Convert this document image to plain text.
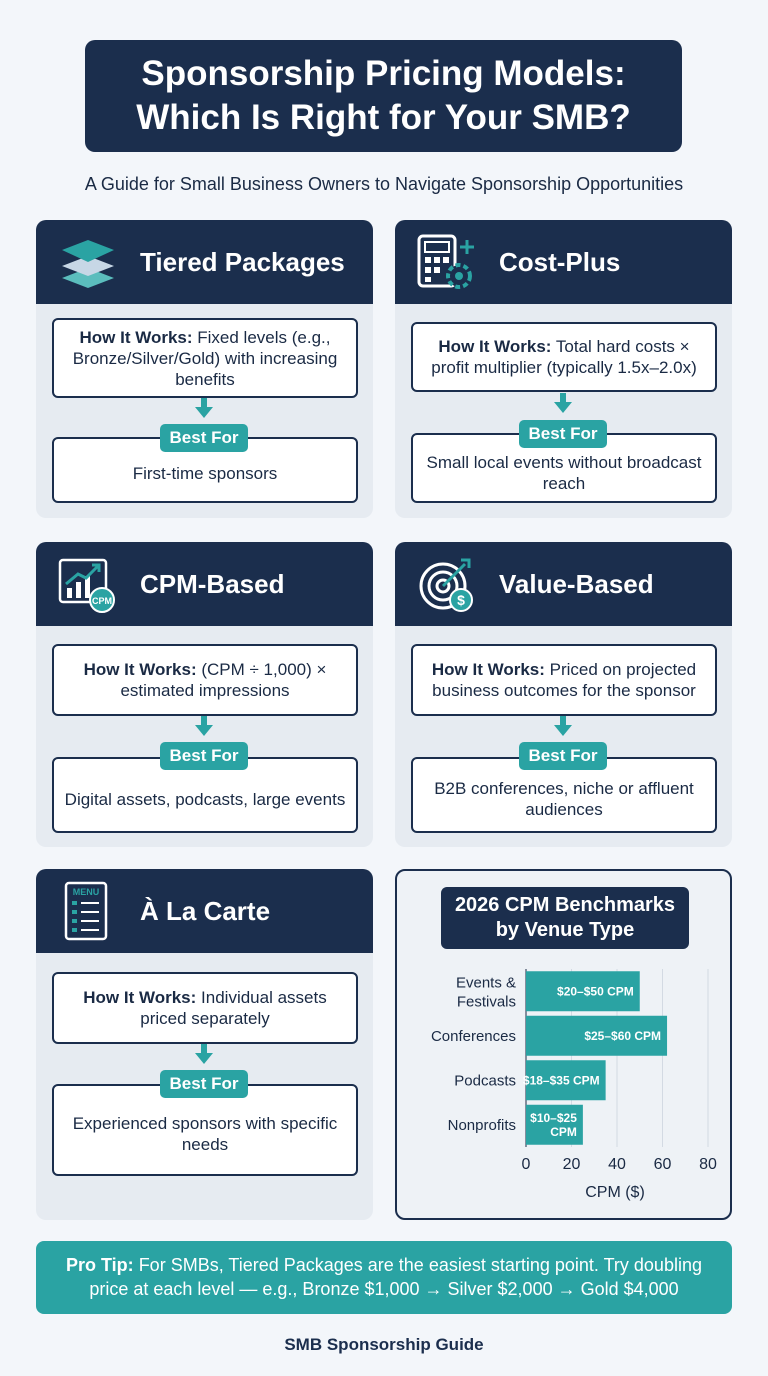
Sponsorship Pricing Models:
Which Is Right for Your SMB?
A Guide for Small Business Owners to Navigate Sponsorship Opportunities
Tiered Packages
How It Works: Fixed levels (e.g., Bronze/Silver/Gold) with increasing benefits
Best For
First-time sponsors
Cost-Plus
How It Works: Total hard costs × profit multiplier (typically 1.5x–2.0x)
Best For
Small local events without broadcast reach
CPM
CPM-Based
How It Works: (CPM ÷ 1,000) × estimated impressions
Best For
Digital assets, podcasts, large events
$
Value-Based
How It Works: Priced on projected business outcomes for the sponsor
Best For
B2B conferences, niche or affluent audiences
MENU
À La Carte
How It Works: Individual assets priced separately
Best For
Experienced sponsors with specific needs
2026 CPM Benchmarks
by Venue Type
0 20 40 60 80
Events & Festivals
$20–$50 CPM
Conferences	$25–$60 CPM
Podcasts $18–$35 CPM
Nonprofits $10–$25 CPM
CPM ($)
Pro Tip: For SMBs, Tiered Packages are the easiest starting point. Try doubling
price at each level — e.g., Bronze $1,000 → Silver $2,000 → Gold $4,000
SMB Sponsorship Guide
